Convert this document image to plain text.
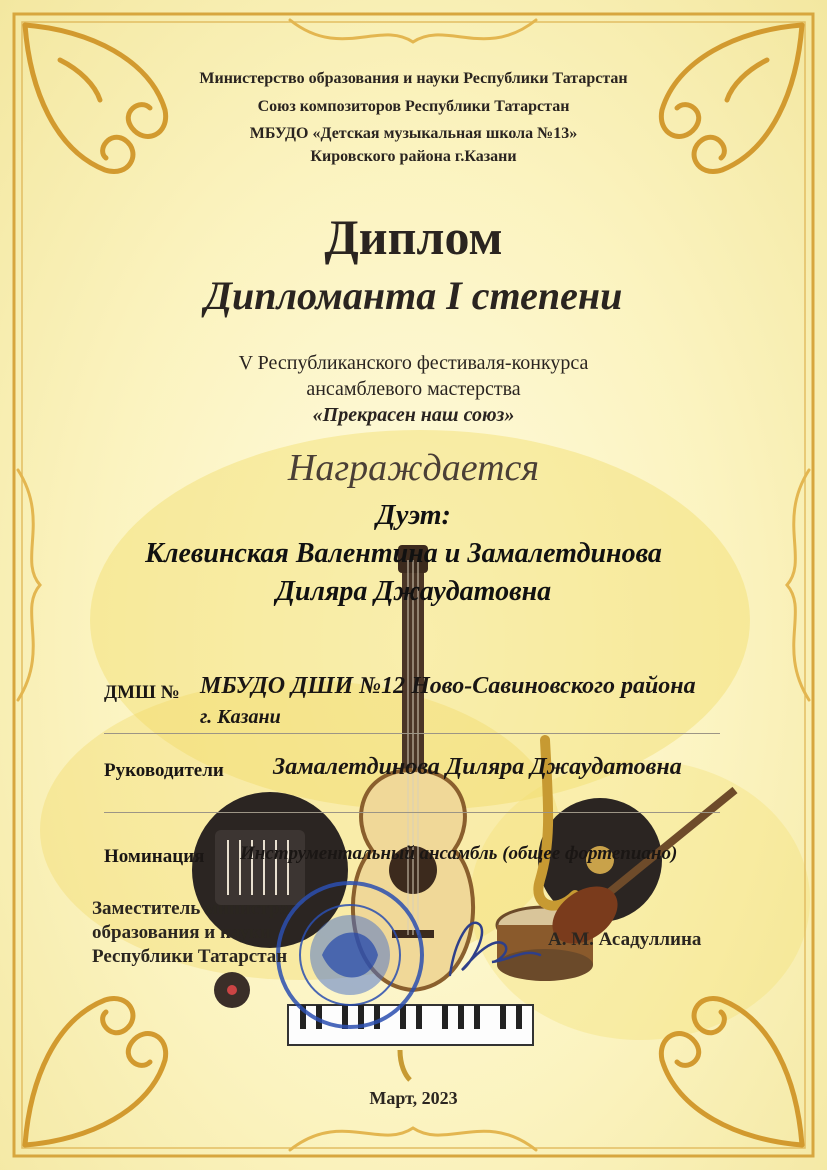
Министерство образования и науки Республики Татарстан

Союз композиторов Республики Татарстан

МБУДО «Детская музыкальная школа №13»

Кировского района г.Казани

Диплом

Дипломанта I степени

V Республиканского фестиваля-конкурса

ансамблевого мастерства

«Прекрасен наш союз»

Награждается

Дуэт:

Клевинская Валентина и Замалетдинова

Диляра Джаудатовна

ДМШ № МБУДО ДШИ №12 Ново-Савиновского района

г. Казани

Руководители Замалетдинова Диляра Джаудатовна

Номинация Инструментальный ансамбль (общее фортепиано)

Заместитель министра

образования и науки

Республики Татарстан

А. М. Асадуллина

Март, 2023
